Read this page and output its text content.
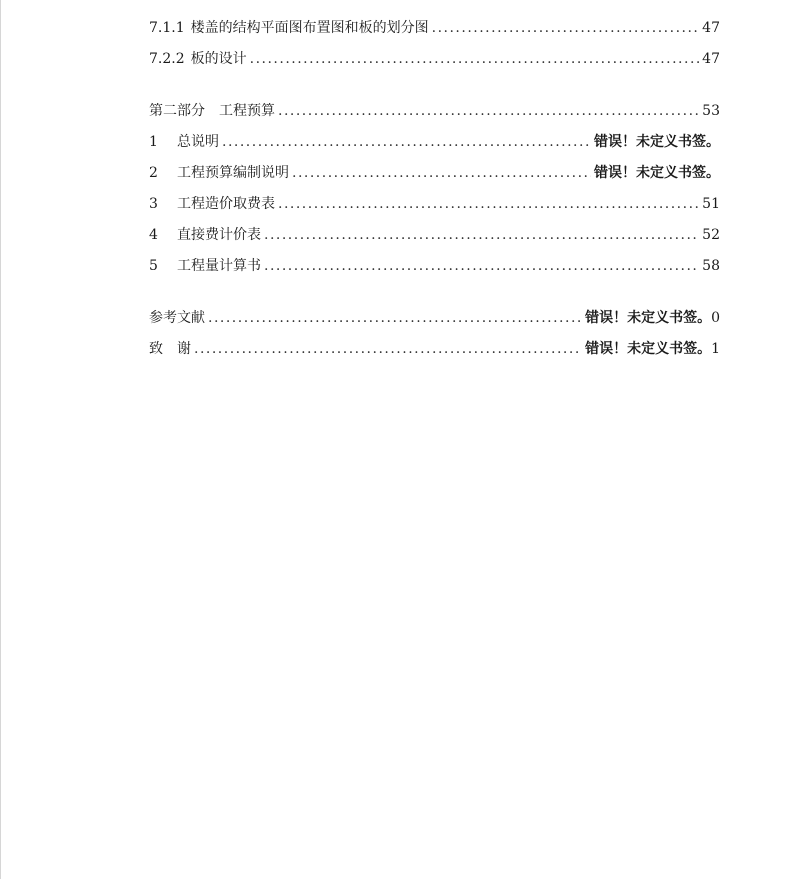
7.1.1 楼盖的结构平面图布置图和板的划分图 .....	47
7.2.2 板的设计 .....	47
第二部分 工程预算 .....	53
1 总说明 .....	错误！未定义书签。
2 工程预算编制说明 .....	错误！未定义书签。
3 工程造价取费表 .....	51
4 直接费计价表 .....	52
5 工程量计算书 .....	58
参考文献 .....	错误！未定义书签。0
致　谢 .....	错误！未定义书签。1
